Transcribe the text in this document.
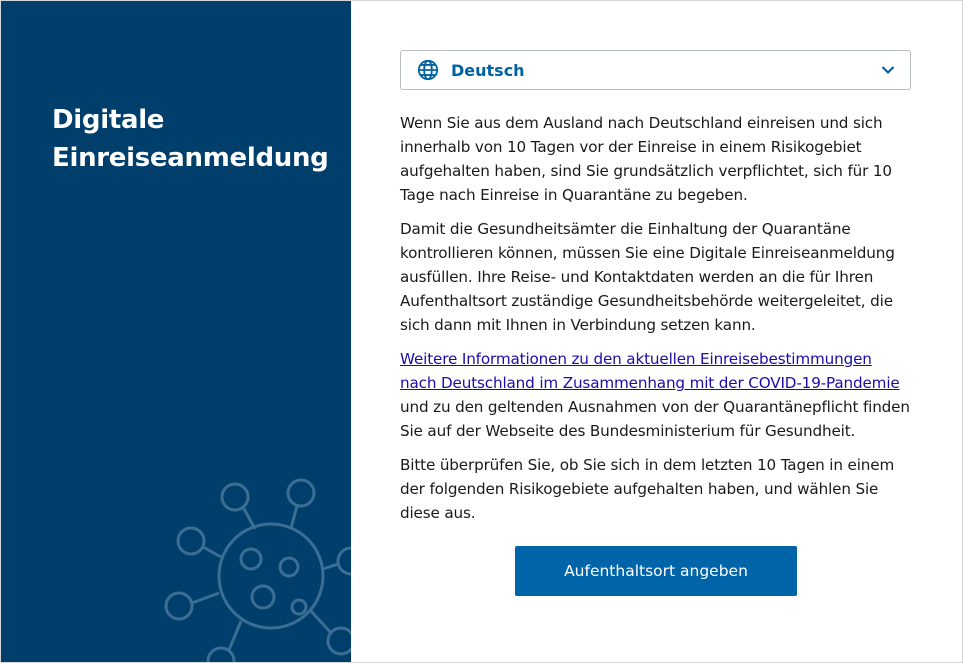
Digitale
Einreiseanmeldung
Deutsch

Wenn Sie aus dem Ausland nach Deutschland einreisen und sich innerhalb von 10 Tagen vor der Einreise in einem Risikogebiet aufgehalten haben, sind Sie grundsätzlich verpflichtet, sich für 10 Tage nach Einreise in Quarantäne zu begeben.

Damit die Gesundheitsämter die Einhaltung der Quarantäne kontrollieren können, müssen Sie eine Digitale Einreiseanmeldung ausfüllen. Ihre Reise- und Kontaktdaten werden an die für Ihren Aufenthaltsort zuständige Gesundheitsbehörde weitergeleitet, die sich dann mit Ihnen in Verbindung setzen kann.

Weitere Informationen zu den aktuellen Einreisebestimmungen nach Deutschland im Zusammenhang mit der COVID-19-Pandemie und zu den geltenden Ausnahmen von der Quarantänepflicht finden Sie auf der Webseite des Bundesministerium für Gesundheit.

Bitte überprüfen Sie, ob Sie sich in dem letzten 10 Tagen in einem der folgenden Risikogebiete aufgehalten haben, und wählen Sie diese aus.

Aufenthaltsort angeben
